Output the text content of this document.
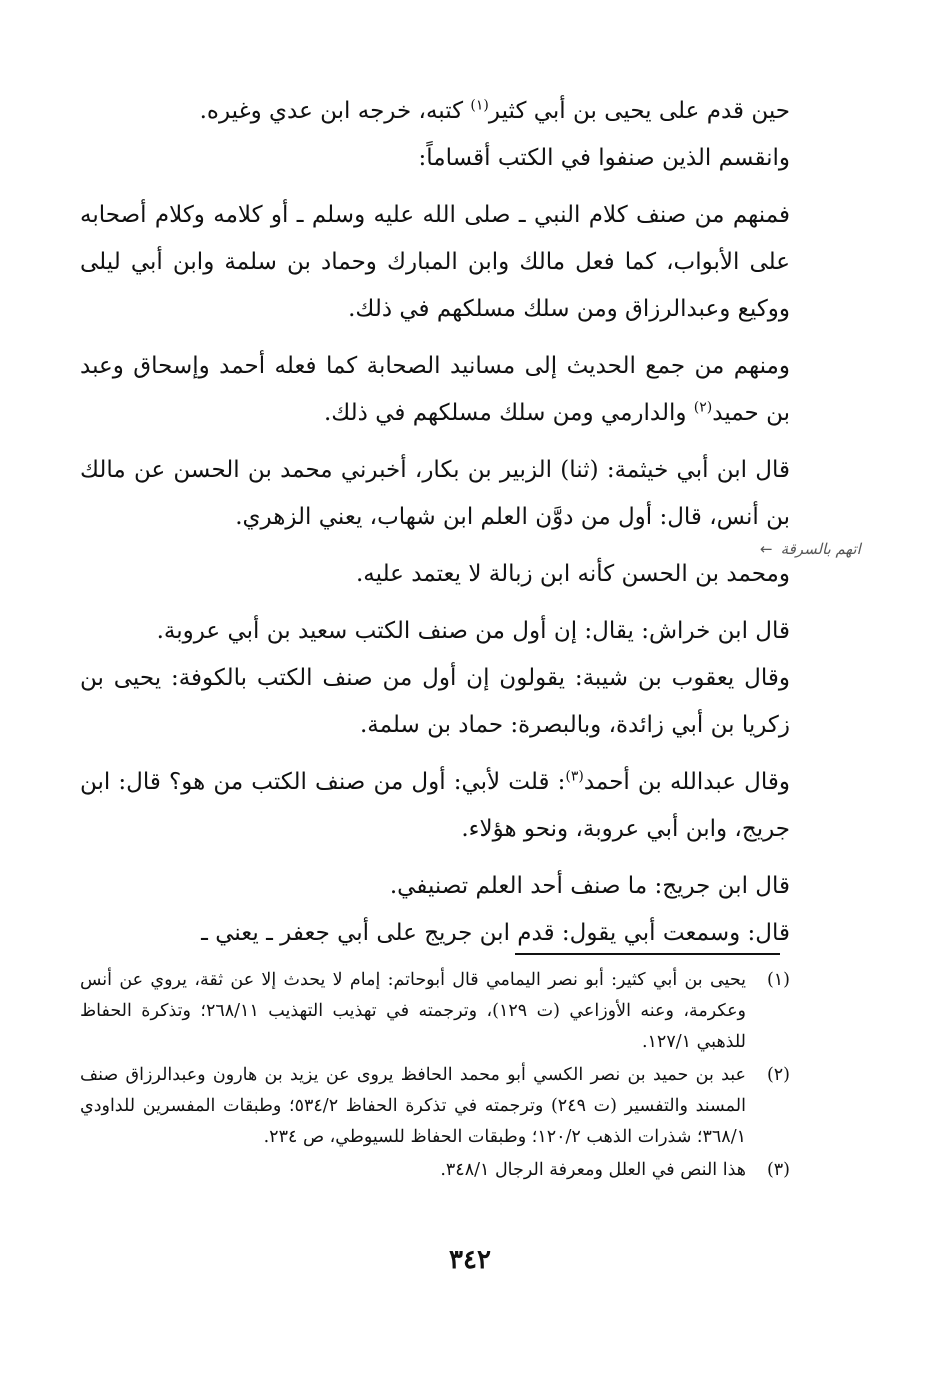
حين قدم على يحيى بن أبي كثير$^{(١)}$ كتبه، خرجه ابن عدي وغيره.

وانقسم الذين صنفوا في الكتب أقساماً:

فمنهم من صنف كلام النبي ـ صلى الله عليه وسلم ـ أو كلامه وكلام أصحابه على الأبواب، كما فعل مالك وابن المبارك وحماد بن سلمة وابن أبي ليلى ووكيع وعبدالرزاق ومن سلك مسلكهم في ذلك.

ومنهم من جمع الحديث إلى مسانيد الصحابة كما فعله أحمد وإسحاق وعبد بن حميد$^{(٢)}$ والدارمي ومن سلك مسلكهم في ذلك.

قال ابن أبي خيثمة: (ثنا) الزبير بن بكار، أخبرني محمد بن الحسن عن مالك بن أنس، قال: أول من دوَّن العلم ابن شهاب، يعني الزهري.

ومحمد بن الحسن كأنه ابن زبالة لا يعتمد عليه.

قال ابن خراش: يقال: إن أول من صنف الكتب سعيد بن أبي عروبة.

وقال يعقوب بن شيبة: يقولون إن أول من صنف الكتب بالكوفة: يحيى بن زكريا بن أبي زائدة، وبالبصرة: حماد بن سلمة.

وقال عبدالله بن أحمد$^{(٣)}$: قلت لأبي: أول من صنف الكتب من هو؟ قال: ابن جريج، وابن أبي عروبة، ونحو هؤلاء.

قال ابن جريج: ما صنف أحد العلم تصنيفي.

قال: وسمعت أبي يقول: قدم ابن جريج على أبي جعفر ـ يعني ـ

اتهم بالسرقة←

(١)يحيى بن أبي كثير: أبو نصر اليمامي قال أبوحاتم: إمام لا يحدث إلا عن ثقة، يروي عن أنس وعكرمة، وعنه الأوزاعي (ت ١٢٩)، وترجمته في تهذيب التهذيب ٢٦٨/١١؛ وتذكرة الحفاظ للذهبي ١٢٧/١.

(٢)عبد بن حميد بن نصر الكسي أبو محمد الحافظ يروى عن يزيد بن هارون وعبدالرزاق صنف المسند والتفسير (ت ٢٤٩) وترجمته في تذكرة الحفاظ ٥٣٤/٢؛ وطبقات المفسرين للداودي ٣٦٨/١؛ شذرات الذهب ١٢٠/٢؛ وطبقات الحفاظ للسيوطي، ص ٢٣٤.

(٣)هذا النص في العلل ومعرفة الرجال ٣٤٨/١.

٣٤٢
